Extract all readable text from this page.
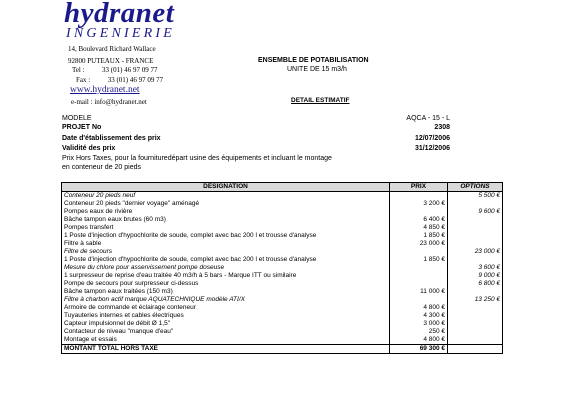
hydranet
INGENIERIE
14, Boulevard Richard Wallace
92800 PUTEAUX - FRANCE
Tel :          33 (01) 46 97 09 77
Fax :          33 (01) 46 97 09 77
www.hydranet.net
e-mail : info@hydranet.net
ENSEMBLE DE POTABILISATION
UNITE DE 15 m3/h
DETAIL ESTIMATIF
MODELE	AQCA - 15 - L
PROJET No	2308
Date d'établissement des prix	12/07/2006
Validité des prix	31/12/2006
Prix Hors Taxes, pour la fournituredépart usine des équipements et incluant le montage
en conteneur de 20 pieds
DESIGNATION	PRIX	OPTIONS
Conteneur 20 pieds neuf		5 500 €
Conteneur 20 pieds "dernier voyage" aménagé	3 200 €	
Pompes eaux de rivière		9 600 €
Bâche tampon eaux brutes (60 m3)	6 400 €	
Pompes transfert	4 850 €	
1 Poste d'injection d'hypochlorite de soude, complet avec bac 200 l et trousse d'analyse	1 850 €	
Filtre à sable	23 000 €	
Filtre de secours		23 000 €
1 Poste d'injection d'hypochlorite de soude, complet avec bac 200 l et trousse d'analyse	1 850 €	
Mesure du chlore pour asservissement pompe doseuse		3 600 €
1 surpresseur de reprise d'eau traitée 40 m3/h à 5 bars - Marque ITT ou similaire		9 000 €
Pompe de secours pour surpresseur ci-dessus		6 800 €
Bâche tampon eaux traitées (150 m3)	11 000 €	
Filtre à charbon actif marque AQUATECHNIQUE modèle ATI/X		13 250 €
Armoire de commande et éclairage conteneur	4 800 €	
Tuyauteries internes et cables électriques	4 300 €	
Capteur impulsionnel de débit Ø 1,5"	3 000 €	
Contacteur de niveau "manque d'eau"	250 €	
Montage et essais	4 800 €	
MONTANT TOTAL HORS TAXE	69 300 €	
